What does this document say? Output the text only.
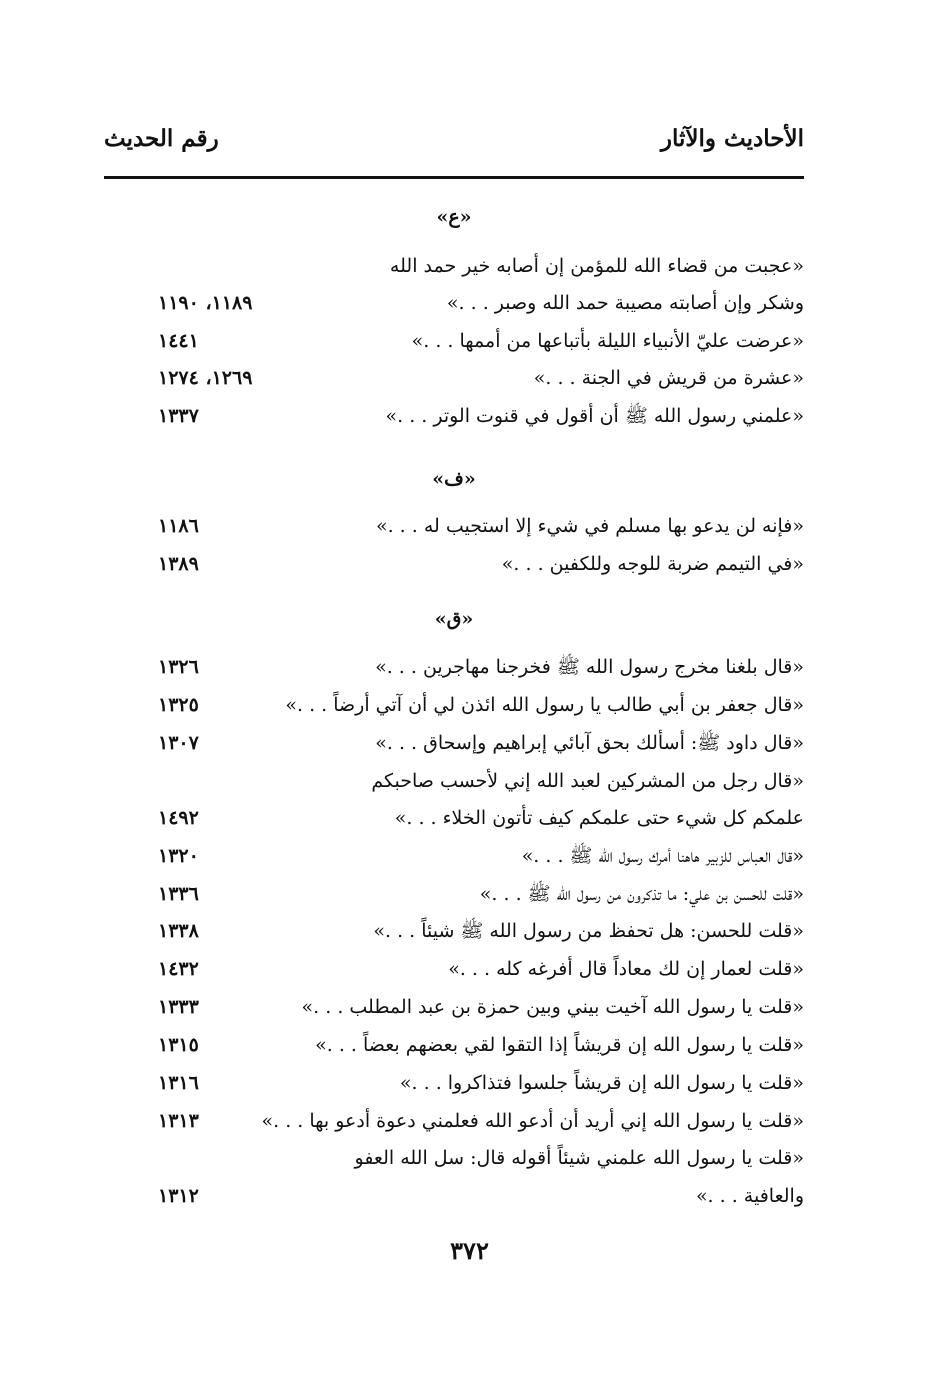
الأحاديث والآثار
رقم الحديث
«ع»
«عجبت من قضاء الله للمؤمن إن أصابه خير حمد الله
وشكر وإن أصابته مصيبة حمد الله وصبر . . .»
١١٨٩، ١١٩٠
«عرضت عليّ الأنبياء الليلة بأتباعها من أممها . . .»
١٤٤١
«عشرة من قريش في الجنة . . .»
١٢٦٩، ١٢٧٤
«علمني رسول الله ﷺ أن أقول في قنوت الوتر . . .»
١٣٣٧
«ف»
«فإنه لن يدعو بها مسلم في شيء إلا استجيب له . . .»
١١٨٦
«في التيمم ضربة للوجه وللكفين . . .»
١٣٨٩
«ق»
«قال بلغنا مخرج رسول الله ﷺ فخرجنا مهاجرين . . .»
١٣٢٦
«قال جعفر بن أبي طالب يا رسول الله ائذن لي أن آتي أرضاً . . .»
١٣٢٥
«قال داود ﷺ: أسألك بحق آبائي إبراهيم وإسحاق . . .»
١٣٠٧
«قال رجل من المشركين لعبد الله إني لأحسب صاحبكم
علمكم كل شيء حتى علمكم كيف تأتون الخلاء . . .»
١٤٩٢
«قال العباس للزبير هاهنا أمرك رسول الله ﷺ . . .»
١٣٢٠
«قلت للحسن بن علي: ما تذكرون من رسول الله ﷺ . . .»
١٣٣٦
«قلت للحسن: هل تحفظ من رسول الله ﷺ شيئاً . . .»
١٣٣٨
«قلت لعمار إن لك معاداً قال أفرغه كله . . .»
١٤٣٢
«قلت يا رسول الله آخيت بيني وبين حمزة بن عبد المطلب . . .»
١٣٣٣
«قلت يا رسول الله إن قريشاً إذا التقوا لقي بعضهم بعضاً . . .»
١٣١٥
«قلت يا رسول الله إن قريشاً جلسوا فتذاكروا . . .»
١٣١٦
«قلت يا رسول الله إني أريد أن أدعو الله فعلمني دعوة أدعو بها . . .»
١٣١٣
«قلت يا رسول الله علمني شيئاً أقوله قال: سل الله العفو
والعافية . . .»
١٣١٢
٣٧٢
